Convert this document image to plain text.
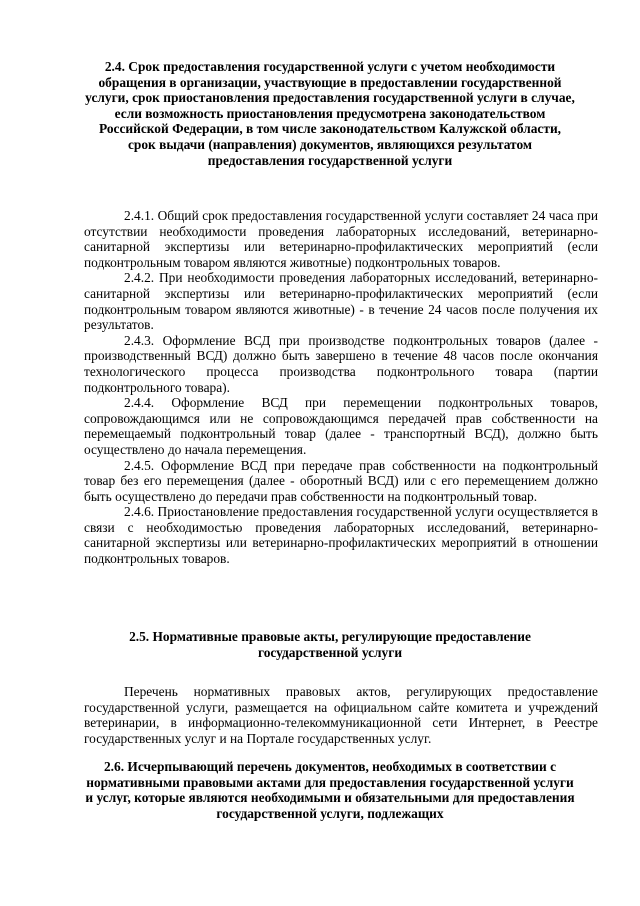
2.4. Срок предоставления государственной услуги с учетом необходимости обращения в организации, участвующие в предоставлении государственной услуги, срок приостановления предоставления государственной услуги в случае, если возможность приостановления предусмотрена законодательством Российской Федерации, в том числе законодательством Калужской области, срок выдачи (направления) документов, являющихся результатом предоставления государственной услуги

2.4.1. Общий срок предоставления государственной услуги составляет 24 часа при отсутствии необходимости проведения лабораторных исследований, ветеринарно-санитарной экспертизы или ветеринарно-профилактических мероприятий (если подконтрольным товаром являются животные) подконтрольных товаров.

2.4.2. При необходимости проведения лабораторных исследований, ветеринарно-санитарной экспертизы или ветеринарно-профилактических мероприятий (если подконтрольным товаром являются животные) - в течение 24 часов после получения их результатов.

2.4.3. Оформление ВСД при производстве подконтрольных товаров (далее - производственный ВСД) должно быть завершено в течение 48 часов после окончания технологического процесса производства подконтрольного товара (партии подконтрольного товара).

2.4.4. Оформление ВСД при перемещении подконтрольных товаров, сопровождающимся или не сопровождающимся передачей прав собственности на перемещаемый подконтрольный товар (далее - транспортный ВСД), должно быть осуществлено до начала перемещения.

2.4.5. Оформление ВСД при передаче прав собственности на подконтрольный товар без его перемещения (далее - оборотный ВСД) или с его перемещением должно быть осуществлено до передачи прав собственности на подконтрольный товар.

2.4.6. Приостановление предоставления государственной услуги осуществляется в связи с необходимостью проведения лабораторных исследований, ветеринарно-санитарной экспертизы или ветеринарно-профилактических мероприятий в отношении подконтрольных товаров.

2.5. Нормативные правовые акты, регулирующие предоставление государственной услуги

Перечень нормативных правовых актов, регулирующих предоставление государственной услуги, размещается на официальном сайте комитета и учреждений ветеринарии, в информационно-телекоммуникационной сети Интернет, в Реестре государственных услуг и на Портале государственных услуг.

2.6. Исчерпывающий перечень документов, необходимых в соответствии с нормативными правовыми актами для предоставления государственной услуги и услуг, которые являются необходимыми и обязательными для предоставления государственной услуги, подлежащих
